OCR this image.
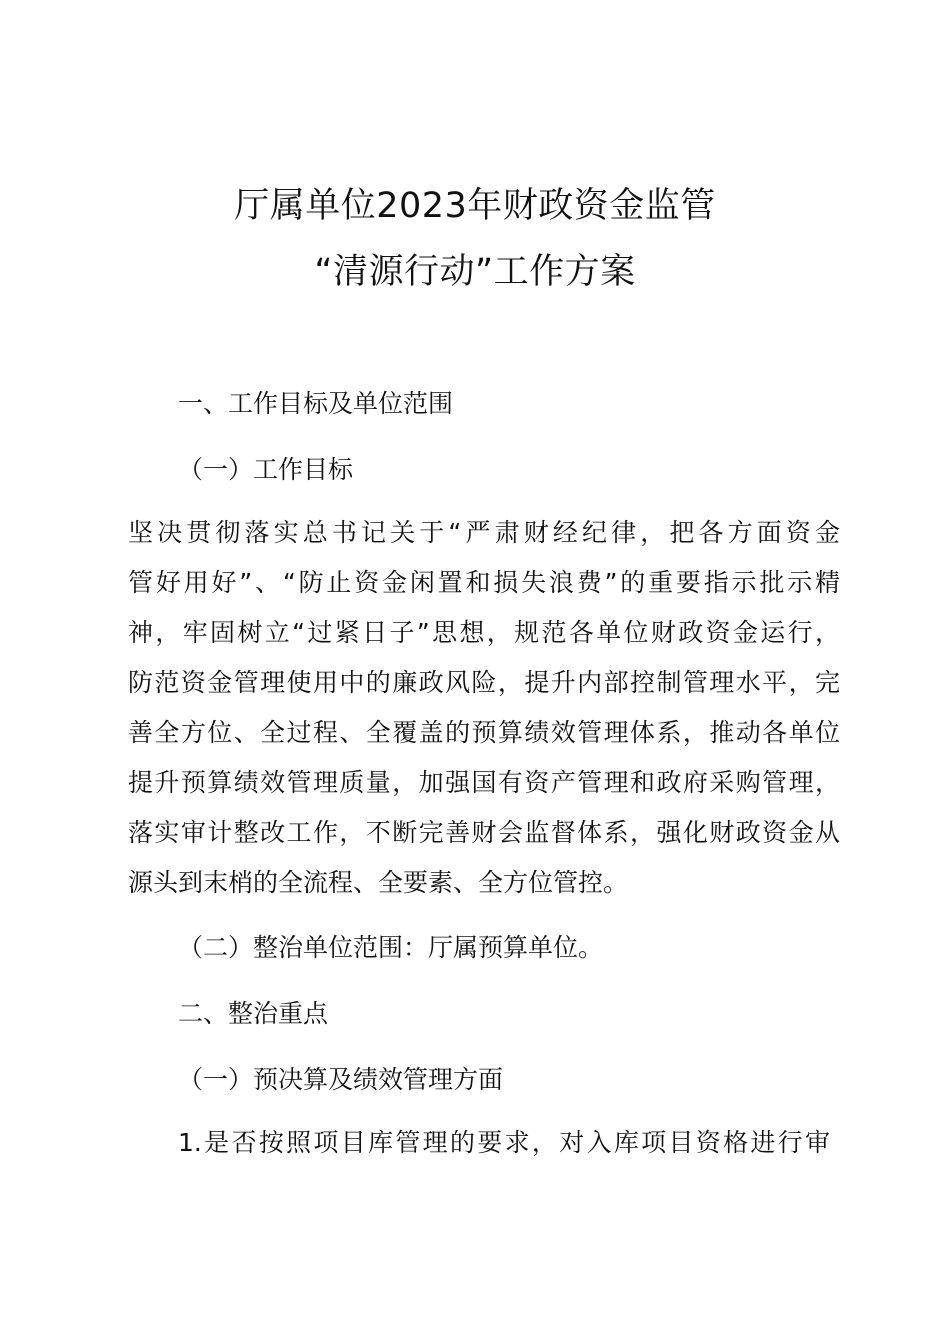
厅属单位2023年财政资金监管
“清源行动”工作方案
一、工作目标及单位范围
（一）工作目标
坚决贯彻落实总书记关于“严肃财经纪律，把各方面资金
管好用好”、“防止资金闲置和损失浪费”的重要指示批示精
神，牢固树立“过紧日子”思想，规范各单位财政资金运行，
防范资金管理使用中的廉政风险，提升内部控制管理水平，完
善全方位、全过程、全覆盖的预算绩效管理体系，推动各单位
提升预算绩效管理质量，加强国有资产管理和政府采购管理，
落实审计整改工作，不断完善财会监督体系，强化财政资金从
源头到末梢的全流程、全要素、全方位管控。
（二）整治单位范围：厅属预算单位。
二、整治重点
（一）预决算及绩效管理方面
1.是否按照项目库管理的要求，对入库项目资格进行审
